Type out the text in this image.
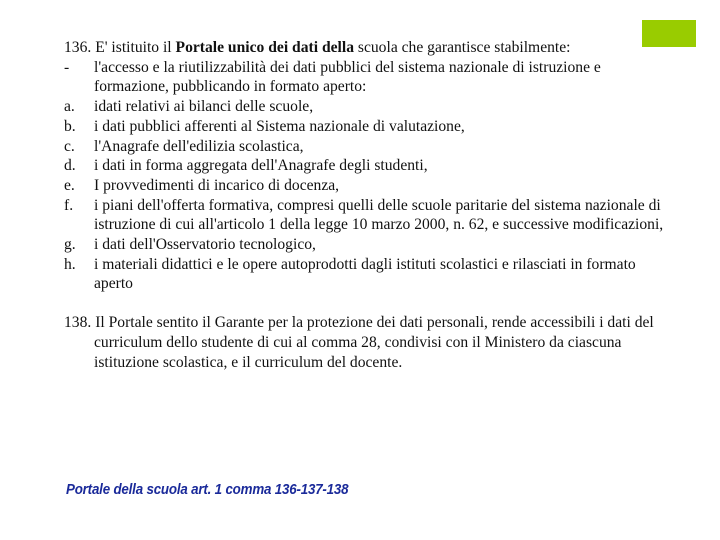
136. E' istituito il Portale unico dei dati della scuola che garantisce stabilmente:

-	l'accesso e la riutilizzabilità dei dati pubblici del sistema nazionale di istruzione e formazione, pubblicando in formato aperto:
a.	idati relativi ai bilanci delle scuole,
b.	i dati pubblici afferenti al Sistema nazionale di valutazione,
c.	l'Anagrafe dell'edilizia scolastica,
d.	i dati in forma aggregata dell'Anagrafe degli studenti,
e.	I provvedimenti di incarico di docenza,
f.	i piani dell'offerta formativa, compresi quelli delle scuole paritarie del sistema nazionale di istruzione di cui all'articolo 1 della legge 10 marzo 2000, n. 62, e successive modificazioni,
g.	i dati dell'Osservatorio tecnologico,
h.	i materiali didattici e le opere autoprodotti dagli istituti scolastici e rilasciati in formato aperto

138. Il Portale sentito il Garante per la protezione dei dati personali, rende accessibili i dati del curriculum dello studente di cui al comma 28, condivisi con il Ministero da ciascuna istituzione scolastica, e il curriculum del docente.

Portale della scuola art. 1 comma 136-137-138
